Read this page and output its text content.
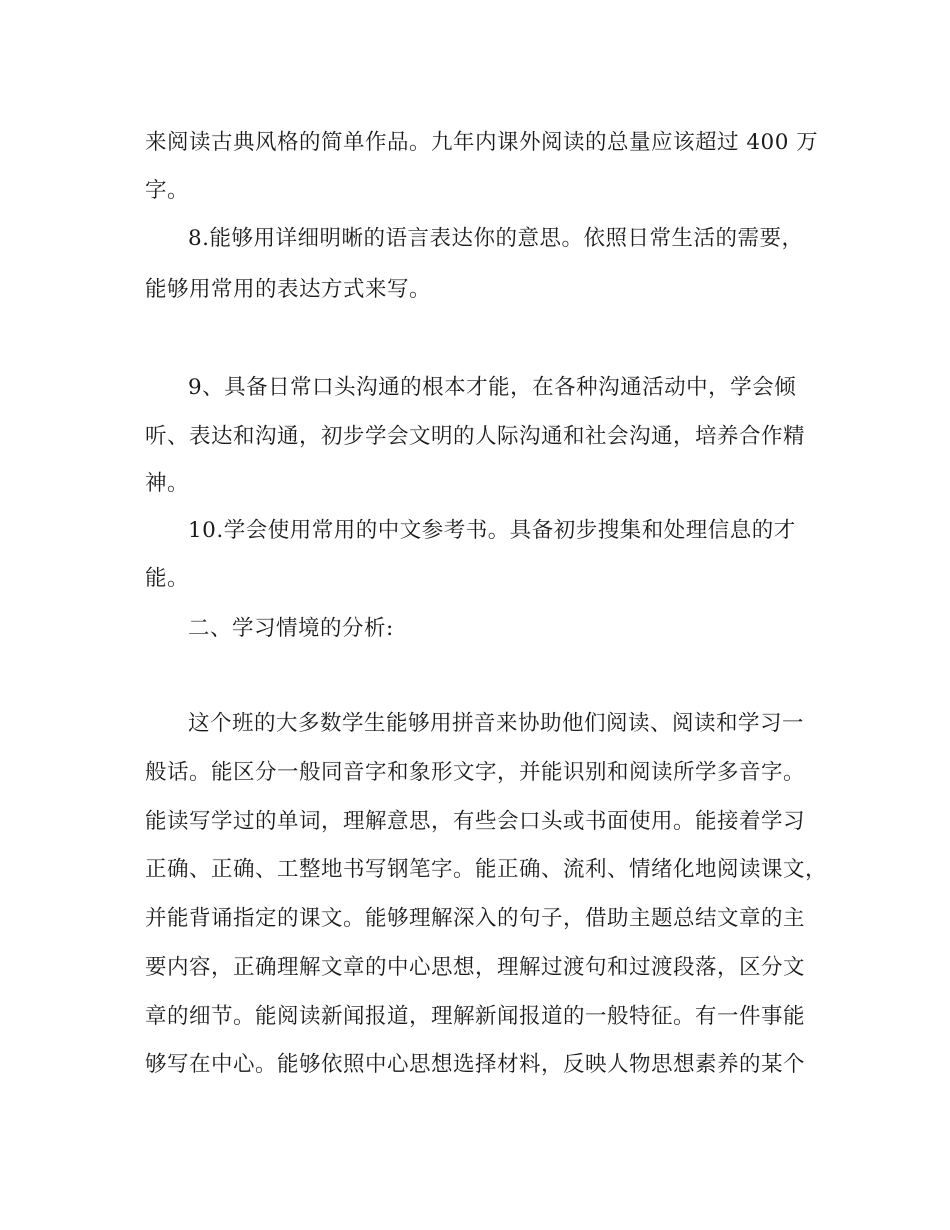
来阅读古典风格的简单作品。九年内课外阅读的总量应该超过 400 万
字。
8.能够用详细明晰的语言表达你的意思。依照日常生活的需要，
能够用常用的表达方式来写。
9、具备日常口头沟通的根本才能，在各种沟通活动中，学会倾
听、表达和沟通，初步学会文明的人际沟通和社会沟通，培养合作精
神。
10.学会使用常用的中文参考书。具备初步搜集和处理信息的才
能。
二、学习情境的分析:
这个班的大多数学生能够用拼音来协助他们阅读、阅读和学习一
般话。能区分一般同音字和象形文字，并能识别和阅读所学多音字。
能读写学过的单词，理解意思，有些会口头或书面使用。能接着学习
正确、正确、工整地书写钢笔字。能正确、流利、情绪化地阅读课文，
并能背诵指定的课文。能够理解深入的句子，借助主题总结文章的主
要内容，正确理解文章的中心思想，理解过渡句和过渡段落，区分文
章的细节。能阅读新闻报道，理解新闻报道的一般特征。有一件事能
够写在中心。能够依照中心思想选择材料，反映人物思想素养的某个
